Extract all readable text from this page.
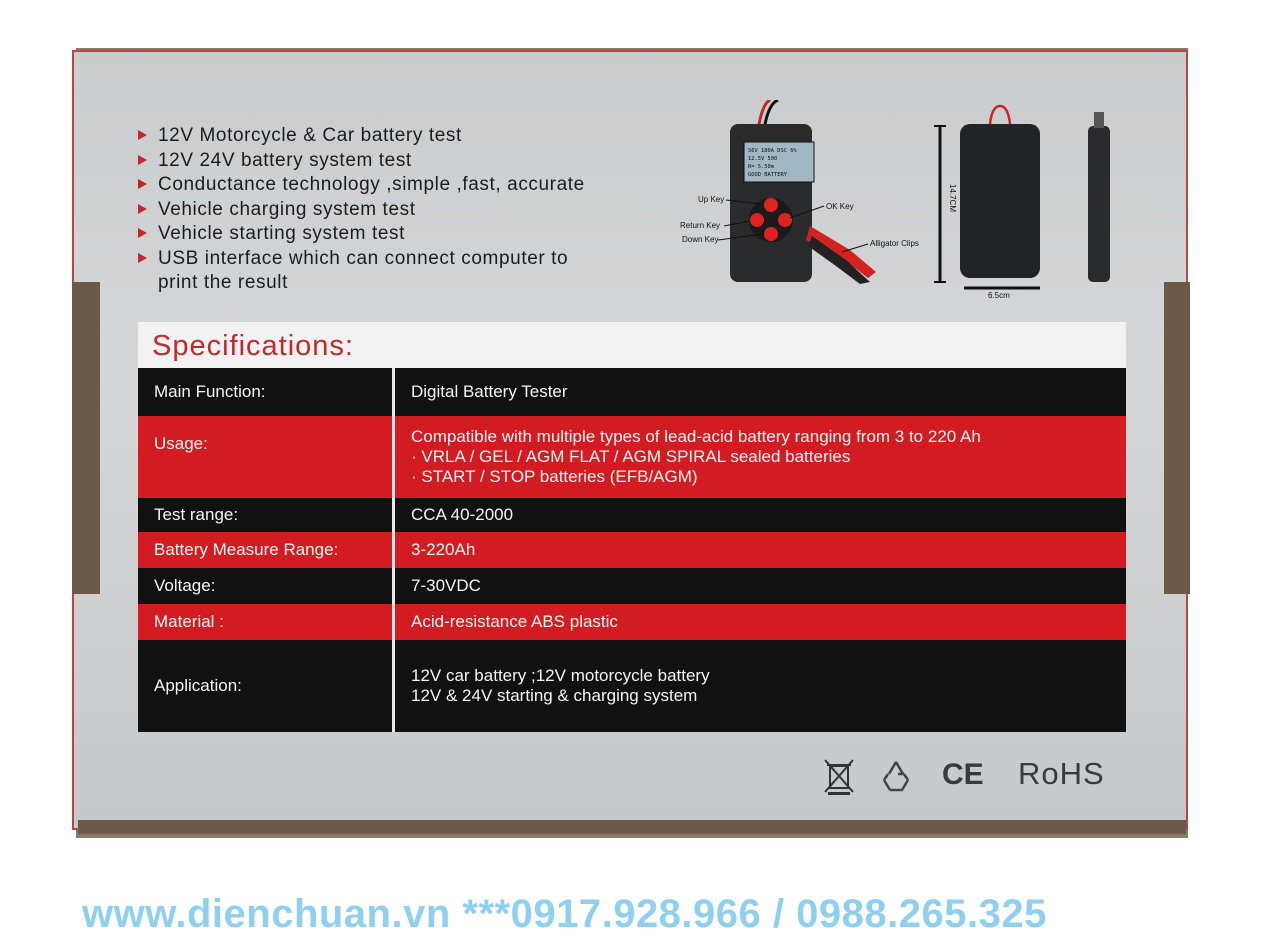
12V Motorcycle & Car battery test
12V 24V battery system test
Conductance technology ,simple ,fast, accurate
Vehicle charging system test
Vehicle starting system test
USB interface which can connect computer to
print the result
S6V 180A DSC 6%
12.5V 500
R= 5.50m
GOOD BATTERY
Up Key
Return Key
Down Key
OK Key
Alligator Clips
14.7CM
6.5cm
Specifications:
Main Function:	Digital Battery Tester
Usage:	Compatible with multiple types of lead-acid battery ranging from 3 to 220 Ah
· VRLA / GEL / AGM FLAT / AGM SPIRAL sealed batteries
· START / STOP batteries (EFB/AGM)

Test range:	CCA 40-2000
Battery Measure Range:	3-220Ah
Voltage:	7-30VDC
Material :	Acid-resistance ABS plastic
Application:	12V car battery ;12V motorcycle battery
12V & 24V starting & charging system
CE RoHS
www.dienchuan.vn ***0917.928.966 / 0988.265.325
